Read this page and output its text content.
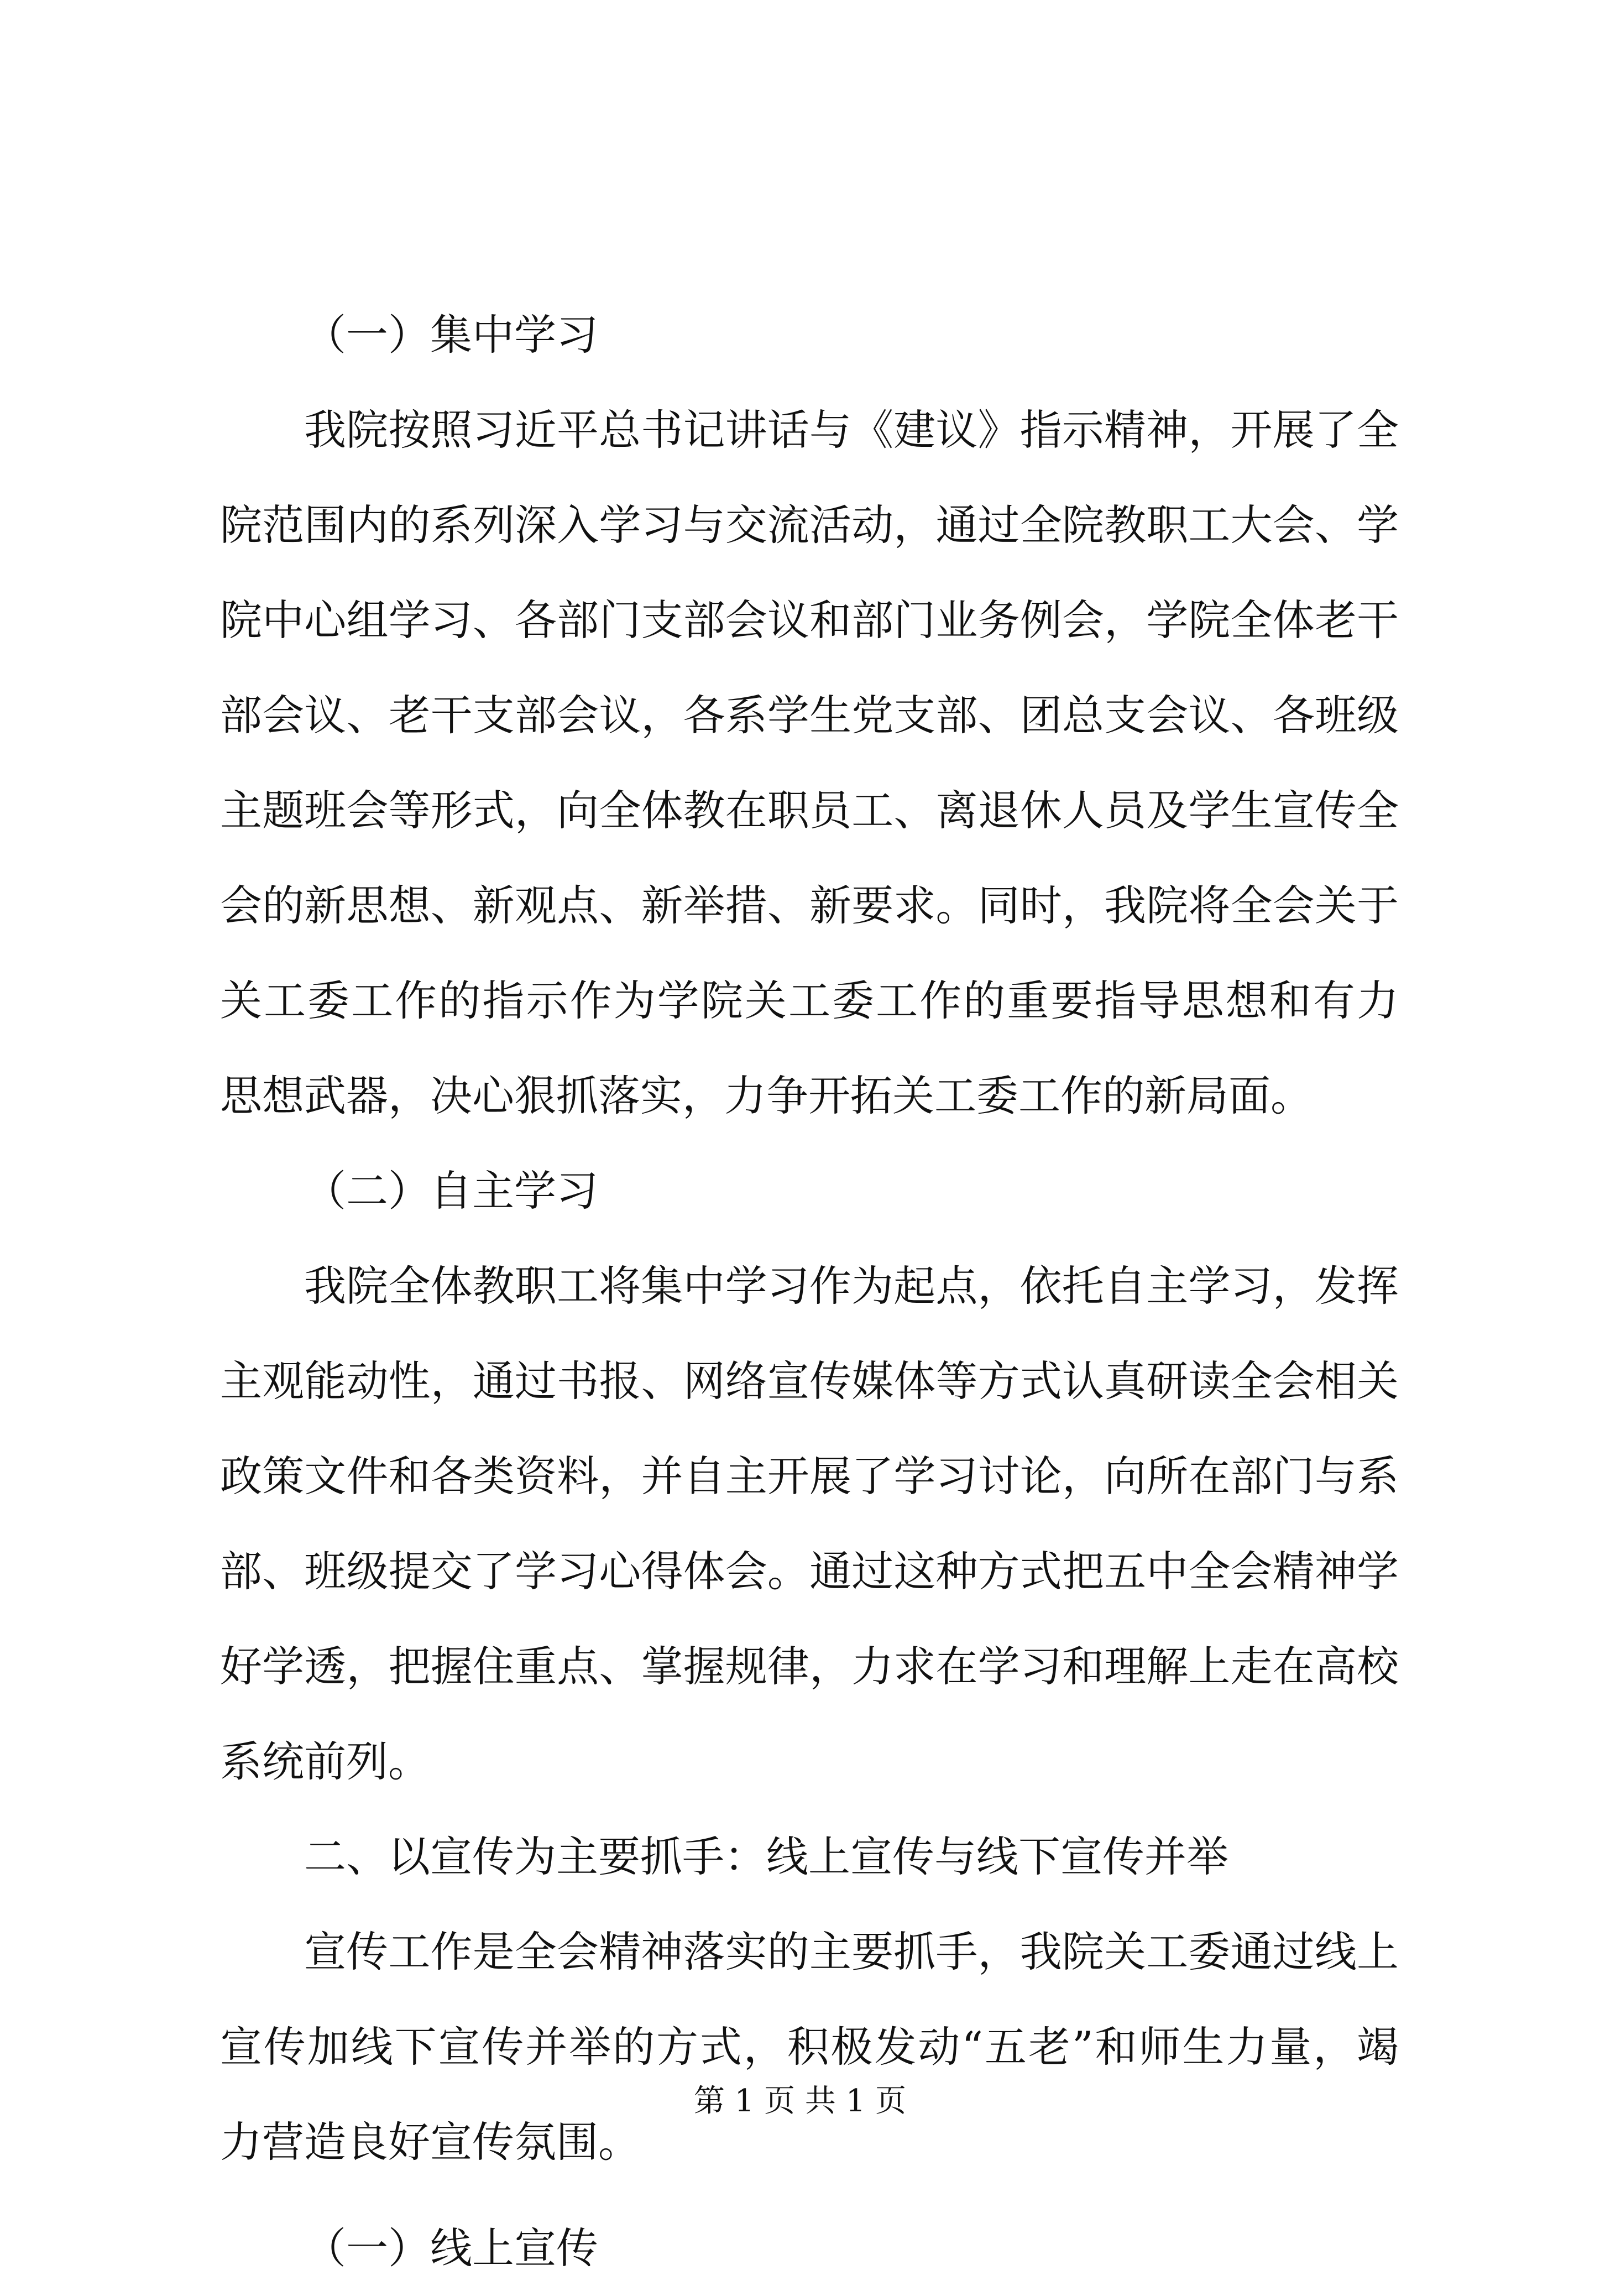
（一）集中学习
我院按照习近平总书记讲话与《建议》指示精神，开展了全
院范围内的系列深入学习与交流活动，通过全院教职工大会、学
院中心组学习、各部门支部会议和部门业务例会，学院全体老干
部会议、老干支部会议，各系学生党支部、团总支会议、各班级
主题班会等形式，向全体教在职员工、离退休人员及学生宣传全
会的新思想、新观点、新举措、新要求。同时，我院将全会关于
关工委工作的指示作为学院关工委工作的重要指导思想和有力
思想武器，决心狠抓落实，力争开拓关工委工作的新局面。
（二）自主学习
我院全体教职工将集中学习作为起点，依托自主学习，发挥
主观能动性，通过书报、网络宣传媒体等方式认真研读全会相关
政策文件和各类资料，并自主开展了学习讨论，向所在部门与系
部、班级提交了学习心得体会。通过这种方式把五中全会精神学
好学透，把握住重点、掌握规律，力求在学习和理解上走在高校
系统前列。
二、以宣传为主要抓手：线上宣传与线下宣传并举
宣传工作是全会精神落实的主要抓手，我院关工委通过线上
宣传加线下宣传并举的方式，积极发动“五老”和师生力量，竭
力营造良好宣传氛围。
（一）线上宣传
第 1 页 共 1 页
